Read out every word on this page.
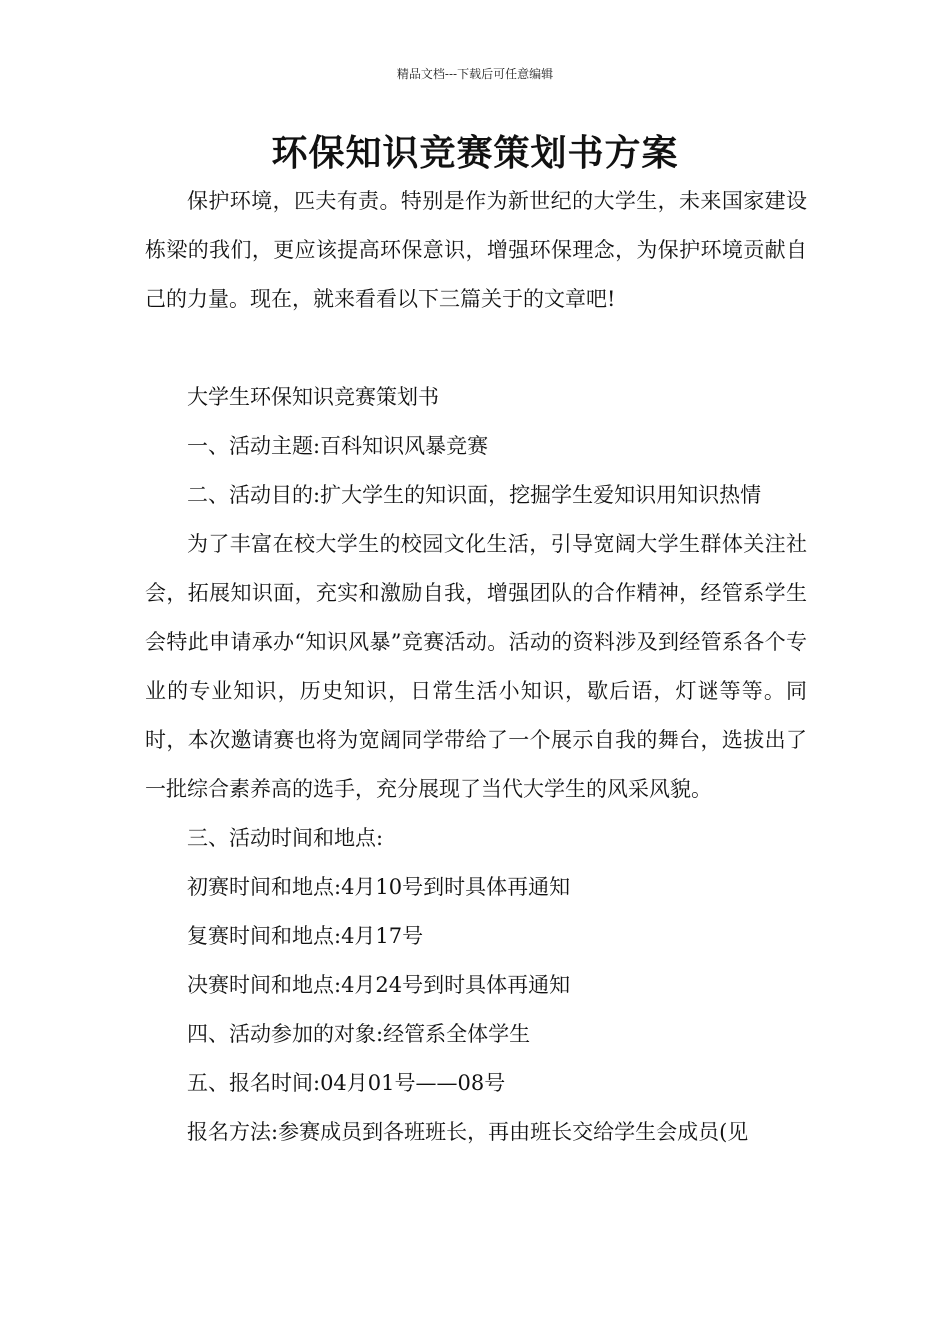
精品文档---下载后可任意编辑
环保知识竞赛策划书方案

保护环境，匹夫有责。特别是作为新世纪的大学生，未来国家建设栋梁的我们，更应该提高环保意识，增强环保理念，为保护环境贡献自己的力量。现在，就来看看以下三篇关于的文章吧!

大学生环保知识竞赛策划书

一、活动主题:百科知识风暴竞赛

二、活动目的:扩大学生的知识面，挖掘学生爱知识用知识热情

为了丰富在校大学生的校园文化生活，引导宽阔大学生群体关注社会，拓展知识面，充实和激励自我，增强团队的合作精神，经管系学生会特此申请承办“知识风暴”竞赛活动。活动的资料涉及到经管系各个专业的专业知识，历史知识，日常生活小知识，歇后语，灯谜等等。同时，本次邀请赛也将为宽阔同学带给了一个展示自我的舞台，选拔出了一批综合素养高的选手，充分展现了当代大学生的风采风貌。

三、活动时间和地点:

初赛时间和地点:4月10号到时具体再通知

复赛时间和地点:4月17号

决赛时间和地点:4月24号到时具体再通知

四、活动参加的对象:经管系全体学生

五、报名时间:04月01号——08号

报名方法:参赛成员到各班班长，再由班长交给学生会成员(见
